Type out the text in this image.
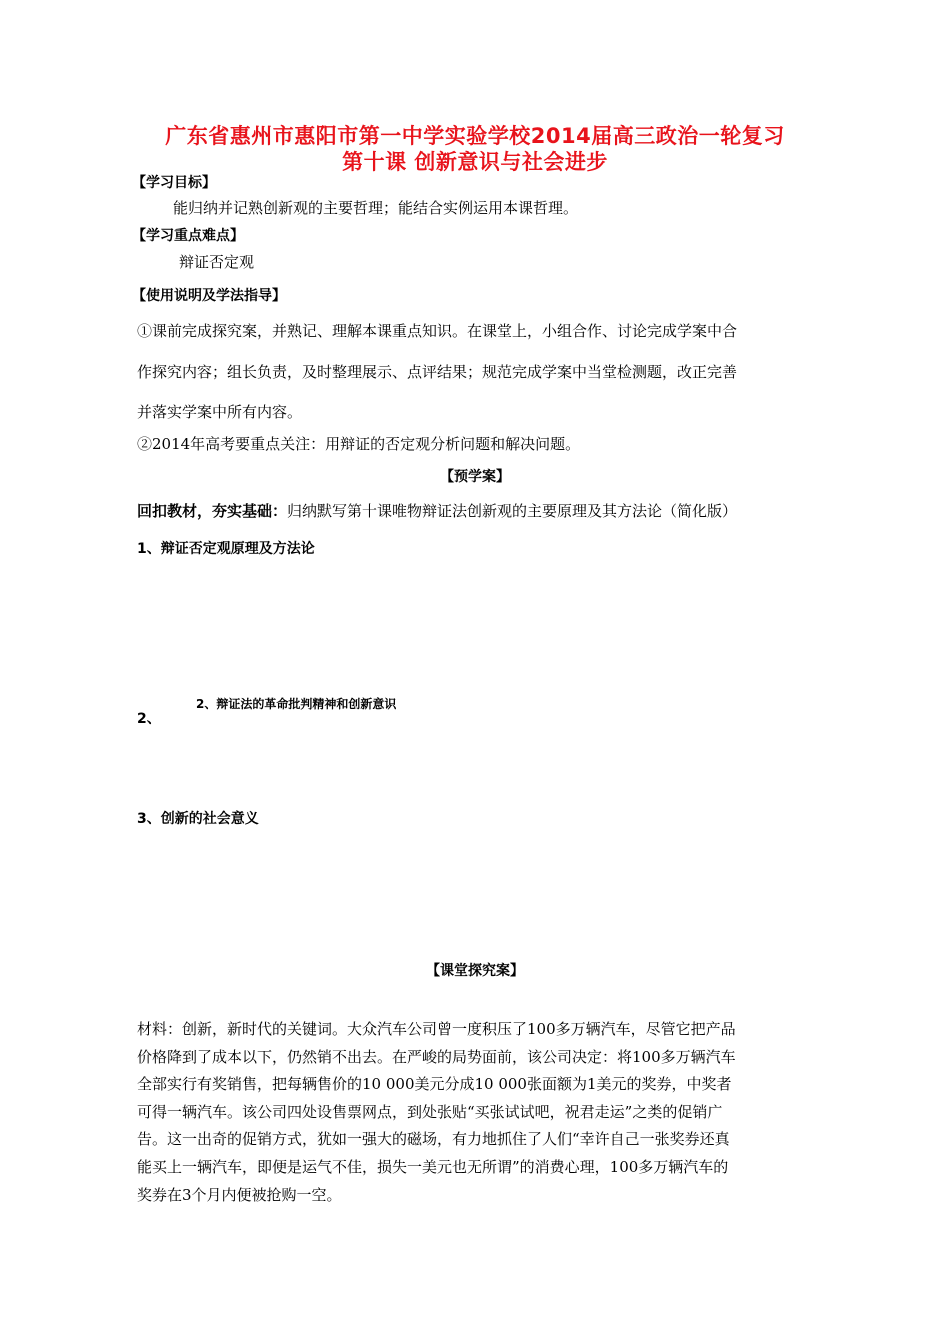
广东省惠州市惠阳市第一中学实验学校2014届高三政治一轮复习
第十课 创新意识与社会进步
【学习目标】
能归纳并记熟创新观的主要哲理；能结合实例运用本课哲理。
【学习重点难点】
辩证否定观
【使用说明及学法指导】
①课前完成探究案，并熟记、理解本课重点知识。在课堂上，小组合作、讨论完成学案中合
作探究内容；组长负责，及时整理展示、点评结果；规范完成学案中当堂检测题，改正完善
并落实学案中所有内容。
②2014年高考要重点关注：用辩证的否定观分析问题和解决问题。
【预学案】
回扣教材，夯实基础：归纳默写第十课唯物辩证法创新观的主要原理及其方法论（简化版）
1、辩证否定观原理及方法论
2、辩证法的革命批判精神和创新意识
2、
3、创新的社会意义
【课堂探究案】
材料：创新，新时代的关键词。大众汽车公司曾一度积压了100多万辆汽车，尽管它把产品
价格降到了成本以下，仍然销不出去。在严峻的局势面前，该公司决定：将100多万辆汽车
全部实行有奖销售，把每辆售价的10 000美元分成10 000张面额为1美元的奖券，中奖者
可得一辆汽车。该公司四处设售票网点，到处张贴“买张试试吧，祝君走运”之类的促销广
告。这一出奇的促销方式，犹如一强大的磁场，有力地抓住了人们“幸许自己一张奖券还真
能买上一辆汽车，即便是运气不佳，损失一美元也无所谓”的消费心理，100多万辆汽车的
奖券在3个月内便被抢购一空。
